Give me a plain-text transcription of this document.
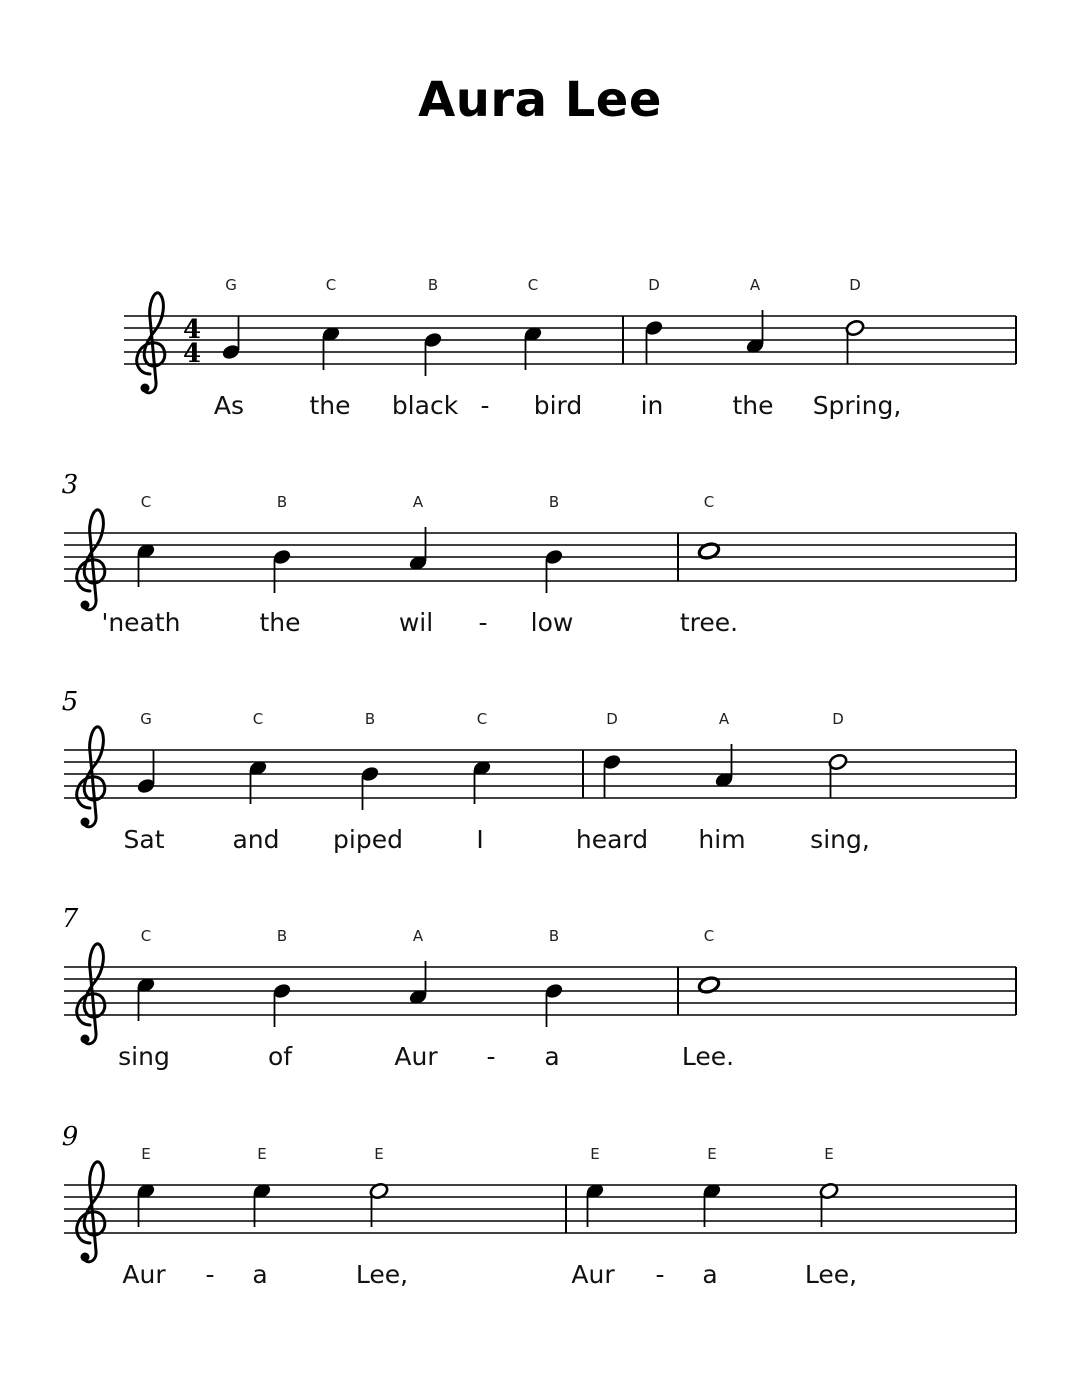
Aura Lee
4
4
G
As
C
the
B
black
C
bird
D
in
A
the
D
Spring,
-
3
C
'neath
B
the
A
wil
B
low
C
tree.
-
5
G
Sat
C
and
B
piped
C
I
D
heard
A
him
D
sing,
7
C
sing
B
of
A
Aur
B
a
C
Lee.
-
9
E
Aur
E
a
E
Lee,
E
Aur
E
a
E
Lee,
-	-
